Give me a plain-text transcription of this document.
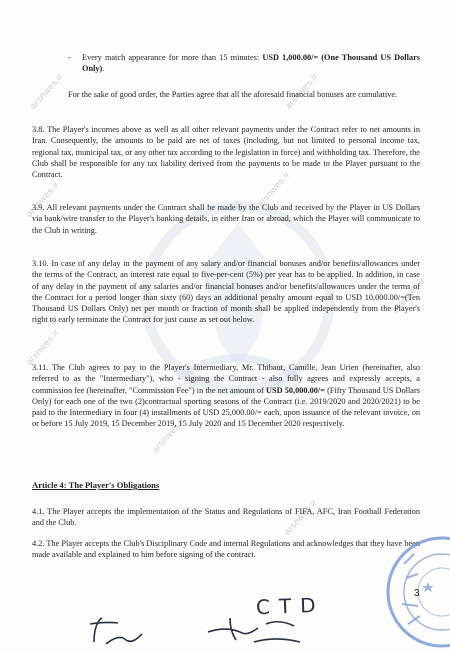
arsnwes.ir	arsnwes.ir
arsnwes.ir	arsnwes.ir
arsnwes.ir
arsnwes.ir
arsnwes.ir
arsnwes.ir
- Every match appearance for more than 15 minutes: USD 1,000.00/= (One Thousand US Dollars Only).

For the sake of good order, the Parties agree that all the aforesaid financial bonuses are cumulative.

3.8. The Player's incomes above as well as all other relevant payments under the Contract refer to net amounts in Iran. Consequently, the amounts to be paid are net of taxes (including, but not limited to personal income tax, regional tax, municipal tax, or any other tax according to the legislation in force) and withholding tax. Therefore, the Club shall be responsible for any tax liability derived from the payments to be made to the Player pursuant to the Contract.

3.9. All relevant payments under the Contract shall be made by the Club and received by the Player in US Dollars via bank/wire transfer to the Player's banking details, in either Iran or abroad, which the Player will communicate to the Club in writing.

3.10. In case of any delay in the payment of any salary and/or financial bonuses and/or benefits/allowances under the terms of the Contract, an interest rate equal to five-per-cent (5%) per year has to be applied. In addition, in case of any delay in the payment of any salaries and/or financial bonuses and/or benefits/allowances under the terms of the Contract for a period longer than sixty (60) days an additional penalty amount equal to USD 10,000.00/=(Ten Thousand US Dollars Only) net per month or fraction of month shall be applied independently from the Player's right to early terminate the Contract for just cause as set out below.

3.11. The Club agrees to pay to the Player's Intermediary, Mr. Thibaut, Camille, Jean Urien (hereinafter, also referred to as the "Intermediary"), who - signing the Contract - also fully agrees and expressly accepts, a commission fee (hereinafter, "Commission Fee") in the net amount of USD 50,000.00/= (Fifty Thousand US Dollars Only) for each one of the two (2)contractual sporting seasons of the Contract (i.e. 2019/2020 and 2020/2021) to be paid to the Intermediary in four (4) installments of USD 25,000.00/= each, upon issuance of the relevant invoice, on or before 15 July 2019, 15 December 2019, 15 July 2020 and 15 December 2020 respectively.

Article 4: The Player's Obligations

4.1. The Player accepts the implementation of the Status and Regulations of FIFA, AFC, Iran Football Federation and the Club.

4.2. The Player accepts the Club's Disciplinary Code and internal Regulations and acknowledges that they have been made available and explained to him before signing of the contract.

3
CTD
